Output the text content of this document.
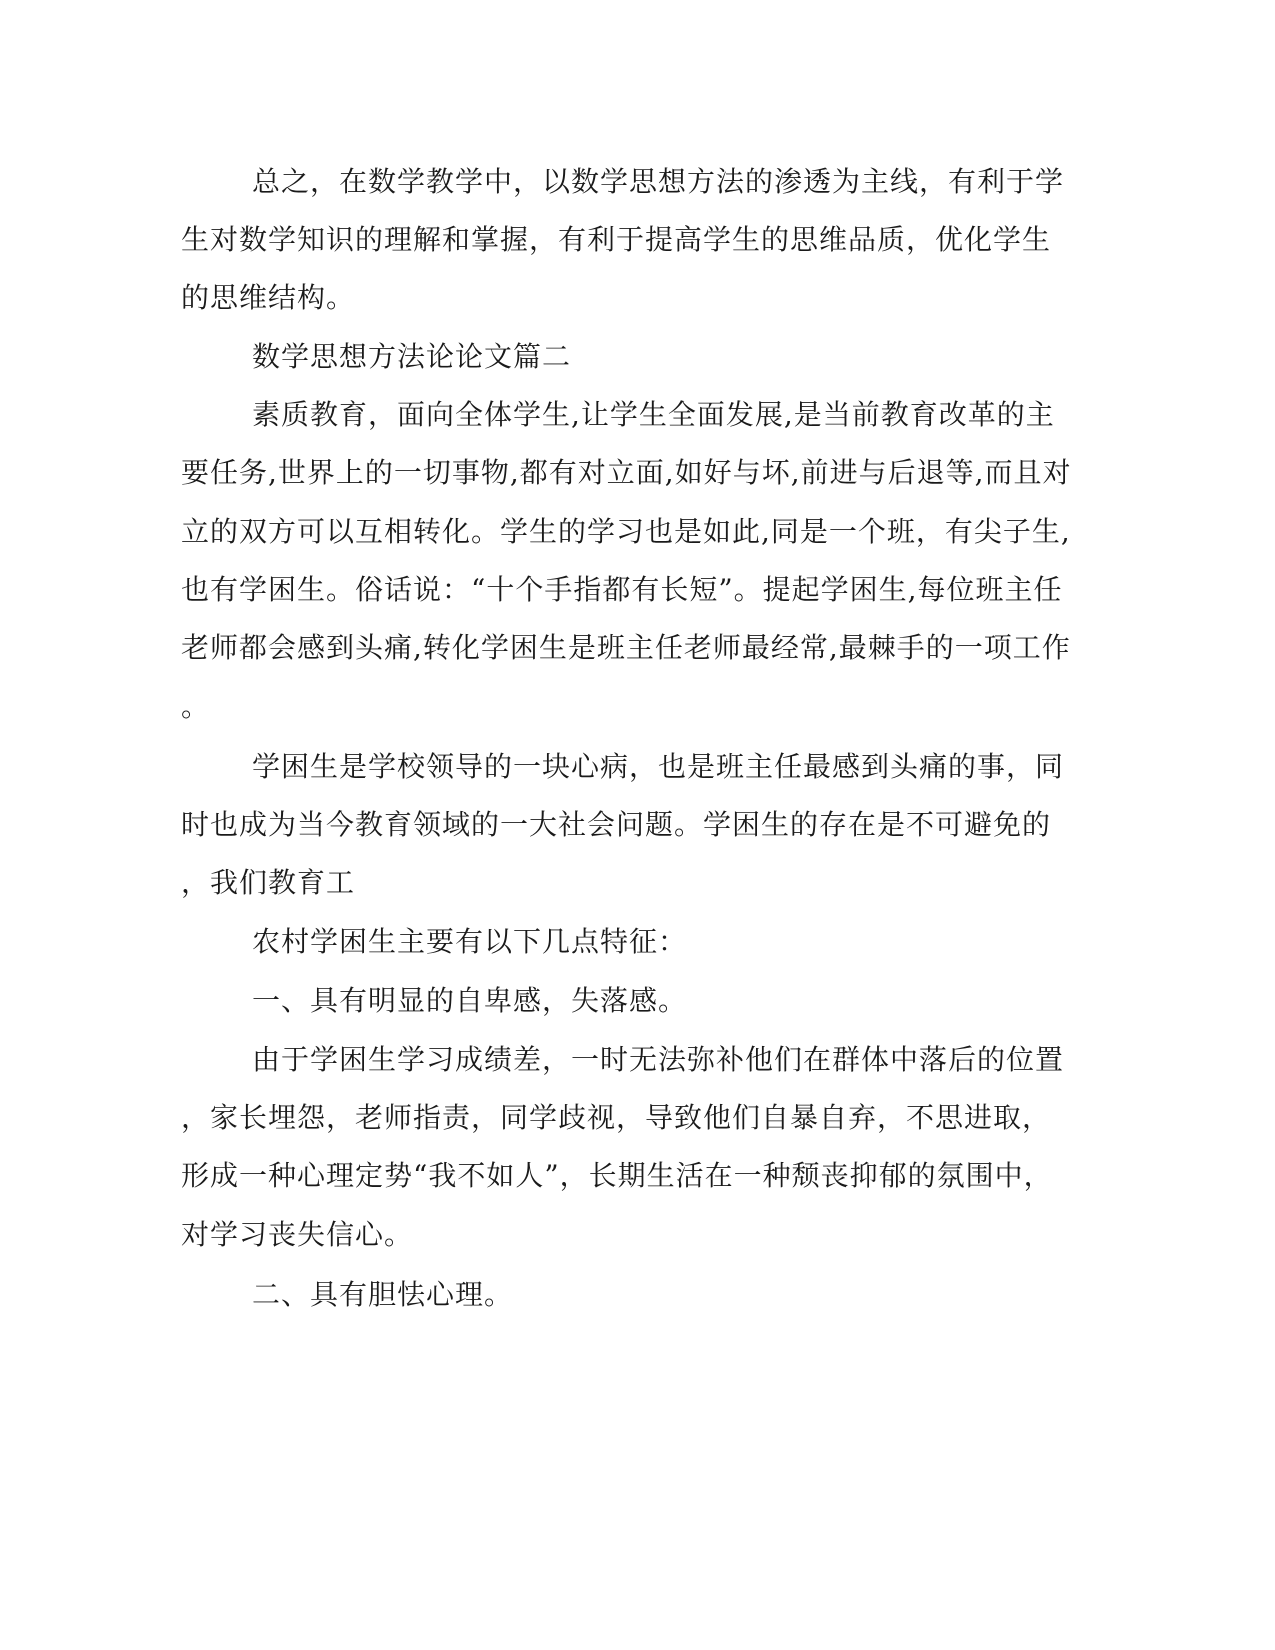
总之，在数学教学中，以数学思想方法的渗透为主线，有利于学
生对数学知识的理解和掌握，有利于提高学生的思维品质，优化学生
的思维结构。
数学思想方法论论文篇二
素质教育，面向全体学生,让学生全面发展,是当前教育改革的主
要任务,世界上的一切事物,都有对立面,如好与坏,前进与后退等,而且对
立的双方可以互相转化。学生的学习也是如此,同是一个班，有尖子生,
也有学困生。俗话说：“十个手指都有长短”。提起学困生,每位班主任
老师都会感到头痛,转化学困生是班主任老师最经常,最棘手的一项工作
。
学困生是学校领导的一块心病，也是班主任最感到头痛的事，同
时也成为当今教育领域的一大社会问题。学困生的存在是不可避免的
，我们教育工
农村学困生主要有以下几点特征：
一、具有明显的自卑感，失落感。
由于学困生学习成绩差，一时无法弥补他们在群体中落后的位置
，家长埋怨，老师指责，同学歧视，导致他们自暴自弃，不思进取，
形成一种心理定势“我不如人”，长期生活在一种颓丧抑郁的氛围中，
对学习丧失信心。
二、具有胆怯心理。
